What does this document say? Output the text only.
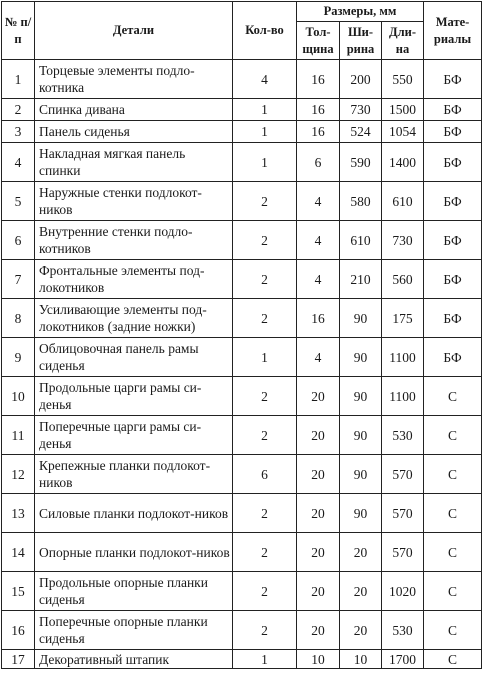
№ п/п	Детали	Кол-во	Размеры, мм			Мате-риалы
			Тол-щина	Ши-рина	Дли-на	
1	Торцевые элементы подло-котника	4	16	200	550	БФ
2	Спинка дивана	1	16	730	1500	БФ
3	Панель сиденья	1	16	524	1054	БФ
4	Накладная мягкая панель спинки	1	6	590	1400	БФ
5	Наружные стенки подлокот-ников	2	4	580	610	БФ
6	Внутренние стенки подло-котников	2	4	610	730	БФ
7	Фронтальные элементы под-локотников	2	4	210	560	БФ
8	Усиливающие элементы под-локотников (задние ножки)	2	16	90	175	БФ
9	Облицовочная панель рамы сиденья	1	4	90	1100	БФ
10	Продольные царги рамы си-денья	2	20	90	1100	С
11	Поперечные царги рамы си-денья	2	20	90	530	С
12	Крепежные планки подлокот-ников	6	20	90	570	С
13	Силовые планки подлокот-ников	2	20	90	570	С
14	Опорные планки подлокот-ников	2	20	20	570	С
15	Продольные опорные планки сиденья	2	20	20	1020	С
16	Поперечные опорные планки сиденья	2	20	20	530	С
17	Декоративный штапик	1	10	10	1700	С
